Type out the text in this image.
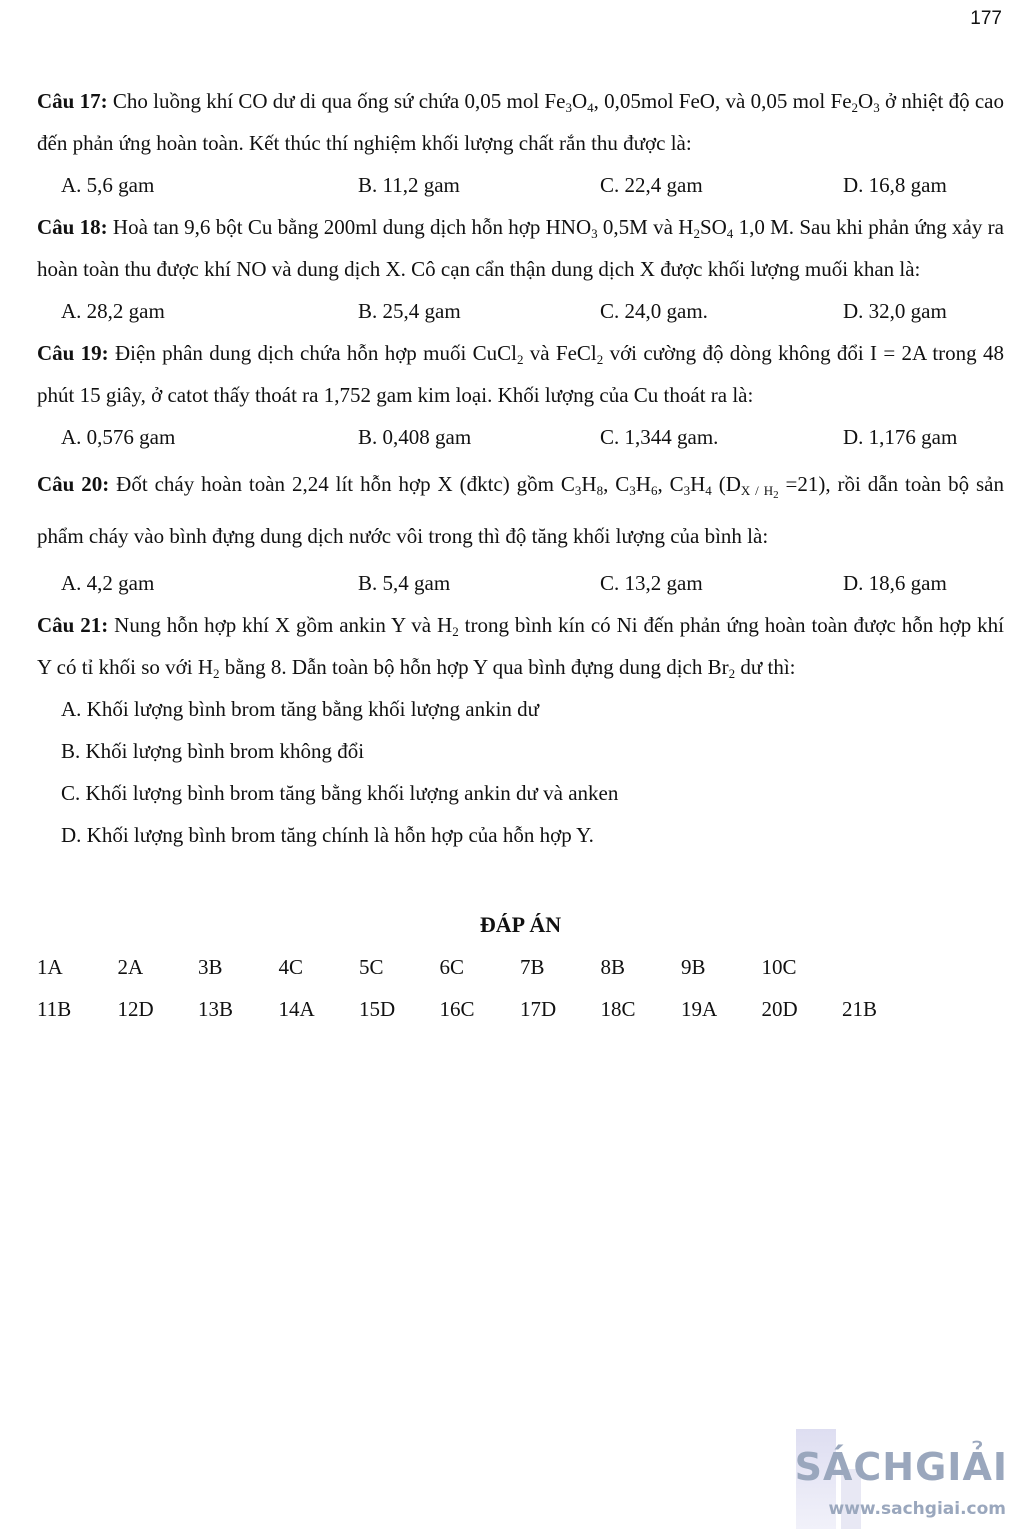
177
Câu 17: Cho luồng khí CO dư di qua ống sứ chứa 0,05 mol $Fe_3O_4$, 0,05mol FeO, và 0,05 mol $Fe_2O_3$ ở nhiệt độ cao đến phản ứng hoàn toàn. Kết thúc thí nghiệm khối lượng chất rắn thu được là:
A. 5,6 gam	B. 11,2 gam	C. 22,4 gam	D. 16,8 gam
Câu 18: Hoà tan 9,6 bột Cu bằng 200ml dung dịch hỗn hợp $HNO_3$ 0,5M và $H_2SO_4$ 1,0 M. Sau khi phản ứng xảy ra hoàn toàn thu được khí NO và dung dịch X. Cô cạn cẩn thận dung dịch X được khối lượng muối khan là:
A. 28,2 gam	B. 25,4 gam	C. 24,0 gam.	D. 32,0 gam
Câu 19: Điện phân dung dịch chứa hỗn hợp muối CuCl$_2$ và FeCl$_2$ với cường độ dòng không đổi I = 2A trong 48 phút 15 giây, ở catot thấy thoát ra 1,752 gam kim loại. Khối lượng của Cu thoát ra là:
A. 0,576 gam	B. 0,408 gam	C. 1,344 gam.	D. 1,176 gam
Câu 20: Đốt cháy hoàn toàn 2,24 lít hỗn hợp X (đktc) gồm $C_3H_8$, $C_3H_6$, $C_3H_4$ $(D_{X / H_2} =21)$, rồi dẫn toàn bộ sản phẩm cháy vào bình đựng dung dịch nước vôi trong thì độ tăng khối lượng của bình là:
A. 4,2 gam	B. 5,4 gam	C. 13,2 gam	D. 18,6 gam
Câu 21: Nung hỗn hợp khí X gồm ankin Y và $H_2$ trong bình kín có Ni đến phản ứng hoàn toàn được hỗn hợp khí Y có tỉ khối so với $H_2$ bằng 8. Dẫn toàn bộ hỗn hợp Y qua bình đựng dung dịch $Br_2$ dư thì:
A. Khối lượng bình brom tăng bằng khối lượng ankin dư
B. Khối lượng bình brom không đổi
C. Khối lượng bình brom tăng bằng khối lượng ankin dư và anken
D. Khối lượng bình brom tăng chính là hỗn hợp của hỗn hợp Y.
ĐÁP ÁN
1A	2A	3B	4C	5C	6C	7B	8B	9B	10C
11B	12D	13B	14A	15D	16C	17D	18C	19A	20D	21B
SÁCHGIẢI
www.sachgiai.com
